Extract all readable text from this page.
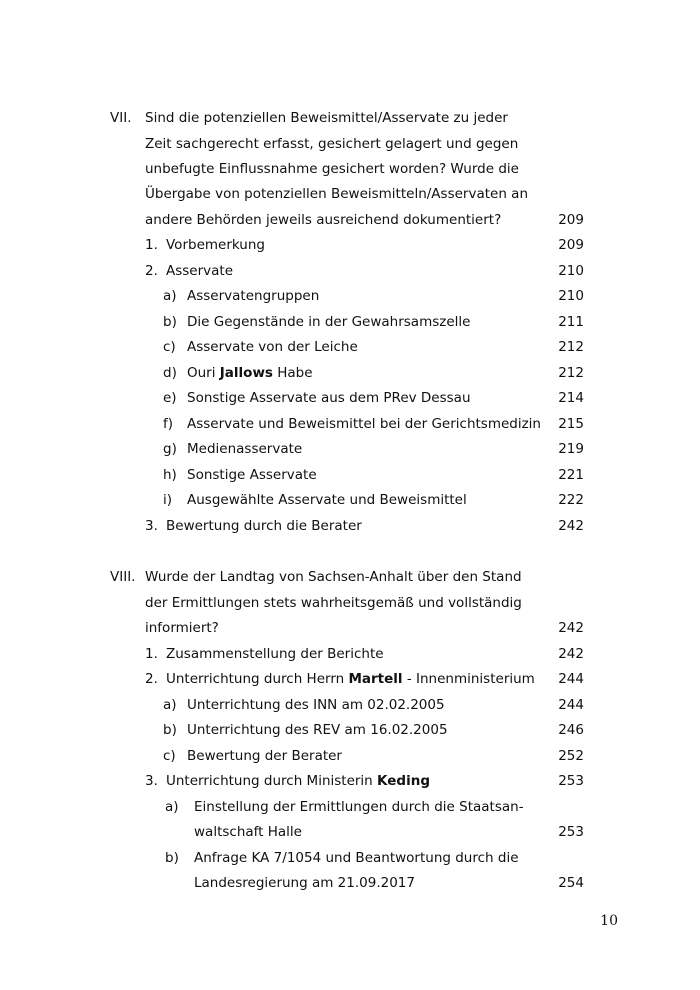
VII. Sind die potenziellen Beweismittel/Asservate zu jeder
Zeit sachgerecht erfasst, gesichert gelagert und gegen
unbefugte Einflussnahme gesichert worden? Wurde die
Übergabe von potenziellen Beweismitteln/Asservaten an
andere Behörden jeweils ausreichend dokumentiert?	209
1. Vorbemerkung	209
2. Asservate	210
a) Asservatengruppen	210
b) Die Gegenstände in der Gewahrsamszelle	211
c) Asservate von der Leiche	212
d) Ouri Jallows Habe	212
e) Sonstige Asservate aus dem PRev Dessau	214
f) Asservate und Beweismittel bei der Gerichtsmedizin 215
g) Medienasservate	219
h) Sonstige Asservate	221
i) Ausgewählte Asservate und Beweismittel	222
3. Bewertung durch die Berater	242
VIII. Wurde der Landtag von Sachsen-Anhalt über den Stand
der Ermittlungen stets wahrheitsgemäß und vollständig
informiert?	242
1. Zusammenstellung der Berichte	242
2. Unterrichtung durch Herrn Martell - Innenministerium 244
a) Unterrichtung des INN am 02.02.2005	244
b) Unterrichtung des REV am 16.02.2005	246
c) Bewertung der Berater	252
3. Unterrichtung durch Ministerin Keding	253
a) Einstellung der Ermittlungen durch die Staatsan-
waltschaft Halle	253
b) Anfrage KA 7/1054 und Beantwortung durch die
Landesregierung am 21.09.2017	254
10
